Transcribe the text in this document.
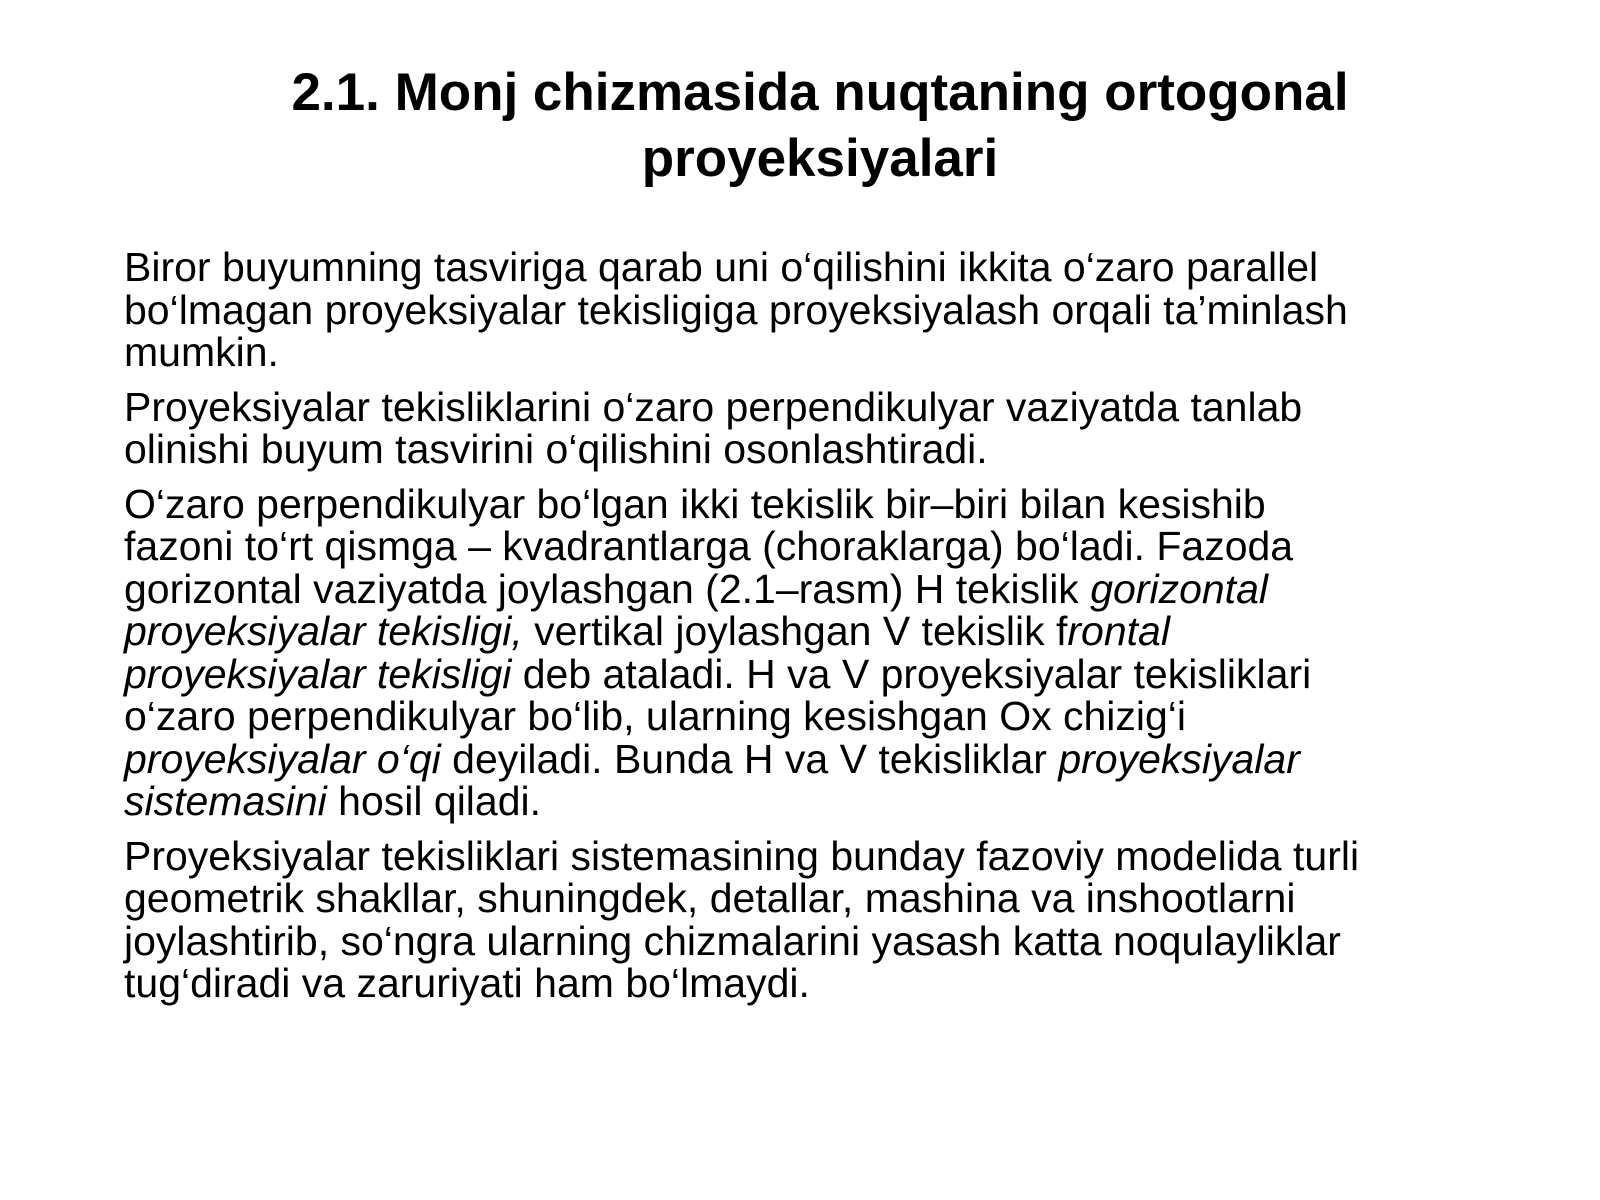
2.1. Monj chizmasida nuqtaning ortogonal
proyeksiyalari

Biror buyumning tasviriga qarab uni o‘qilishini ikkita o‘zaro parallel
bo‘lmagan proyeksiyalar tekisligiga proyeksiyalash orqali ta’minlash
mumkin.

Proyeksiyalar tekisliklarini o‘zaro perpendikulyar vaziyatda tanlab
olinishi buyum tasvirini o‘qilishini osonlashtiradi.

O‘zaro perpendikulyar bo‘lgan ikki tekislik bir–biri bilan kesishib
fazoni to‘rt qismga – kvadrantlarga (choraklarga) bo‘ladi. Fazoda
gorizontal vaziyatda joylashgan (2.1–rasm) H tekislik gorizontal
proyeksiyalar tekisligi, vertikal joylashgan V tekislik frontal
proyeksiyalar tekisligi deb ataladi. H va V proyeksiyalar tekisliklari
o‘zaro perpendikulyar bo‘lib, ularning kesishgan Ox chizig‘i
proyeksiyalar o‘qi deyiladi. Bunda H va V tekisliklar proyeksiyalar
sistemasini hosil qiladi.

Proyeksiyalar tekisliklari sistemasining bunday fazoviy modelida turli
geometrik shakllar, shuningdek, detallar, mashina va inshootlarni
joylashtirib, so‘ngra ularning chizmalarini yasash katta noqulayliklar
tug‘diradi va zaruriyati ham bo‘lmaydi.
